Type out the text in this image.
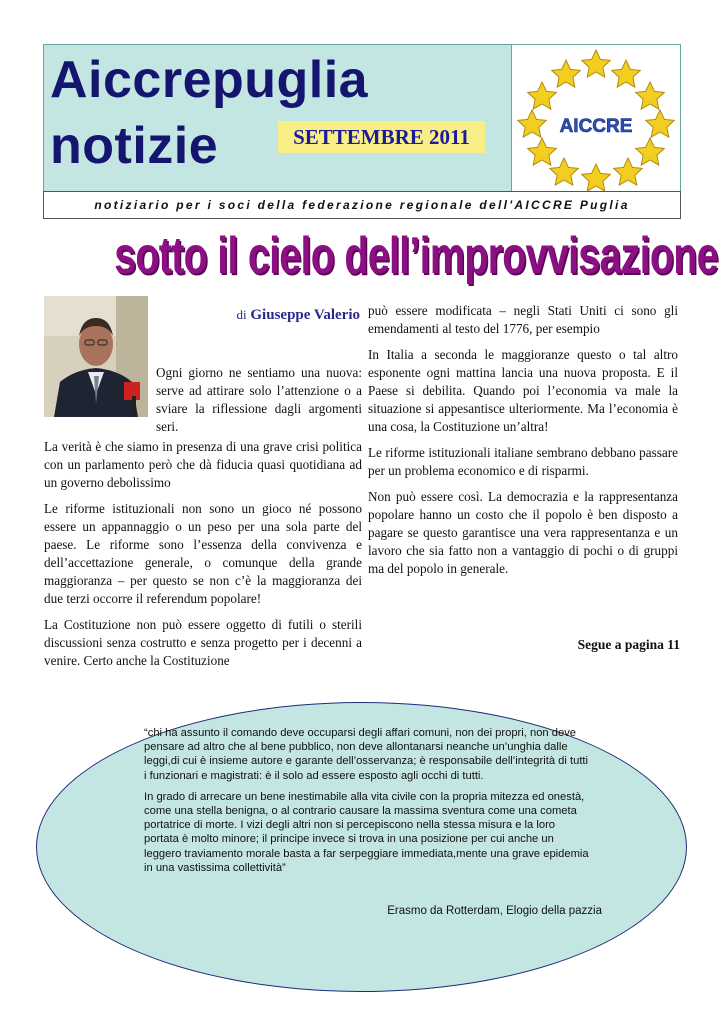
Aiccrepuglia
notizie	SETTEMBRE 2011	AICCRE
notiziario per i soci della federazione regionale dell'AICCRE Puglia
sotto il cielo dell’improvvisazione
di Giuseppe Valerio

Ogni giorno ne sentiamo una nuova: serve ad attirare solo l’attenzione o a sviare la riflessione dagli argomenti seri.

La verità è che siamo in presenza di una grave crisi politica con un parlamento però che dà fiducia quasi quotidiana ad un governo debolissimo

Le riforme istituzionali non sono un gioco né possono essere un appannaggio o un peso per una sola parte del paese. Le riforme sono l’essenza della convivenza e dell’accettazione generale, o comunque della grande maggioranza – per questo se non c’è la maggioranza dei due terzi occorre il referendum popolare!

La Costituzione non può essere oggetto di futili o sterili discussioni senza costrutto e senza progetto per i decenni a venire. Certo anche la Costituzione

può essere modificata – negli Stati Uniti ci sono gli emendamenti al testo del 1776, per esempio

In Italia a seconda le maggioranze questo o tal altro esponente ogni mattina lancia una nuova proposta. E il Paese si debilita. Quando poi l’economia va male la situazione si appesantisce ulteriormente. Ma l’economia è una cosa, la Costituzione un’altra!

Le riforme istituzionali italiane sembrano debbano passare per un problema economico e di risparmi.

Non può essere così. La democrazia e la rappresentanza popolare hanno un costo che il popolo è ben disposto a pagare se questo garantisce una vera rappresentanza e un lavoro che sia fatto non a vantaggio di pochi o di gruppi ma del popolo in generale.

Segue a pagina 11

“chi ha assunto il comando deve occuparsi degli affari comuni, non dei propri, non deve pensare ad altro che al bene pubblico, non deve allontanarsi neanche un’unghia dalle leggi,di cui è insieme autore e garante dell’osservanza; è responsabile dell’integrità di tutti i funzionari e magistrati: è il solo ad essere esposto agli occhi di tutti.

In grado di arrecare un bene inestimabile alla vita civile con la propria mitezza ed onestà, come una stella benigna, o al contrario causare la massima sventura come una cometa portatrice di morte. I vizi degli altri non si percepiscono nella stessa misura e la loro portata è molto minore; il principe invece si trova in una posizione per cui anche un leggero traviamento morale basta a far serpeggiare immediata,mente una grave epidemia in una vastissima collettività”

Erasmo da Rotterdam, Elogio della pazzia
